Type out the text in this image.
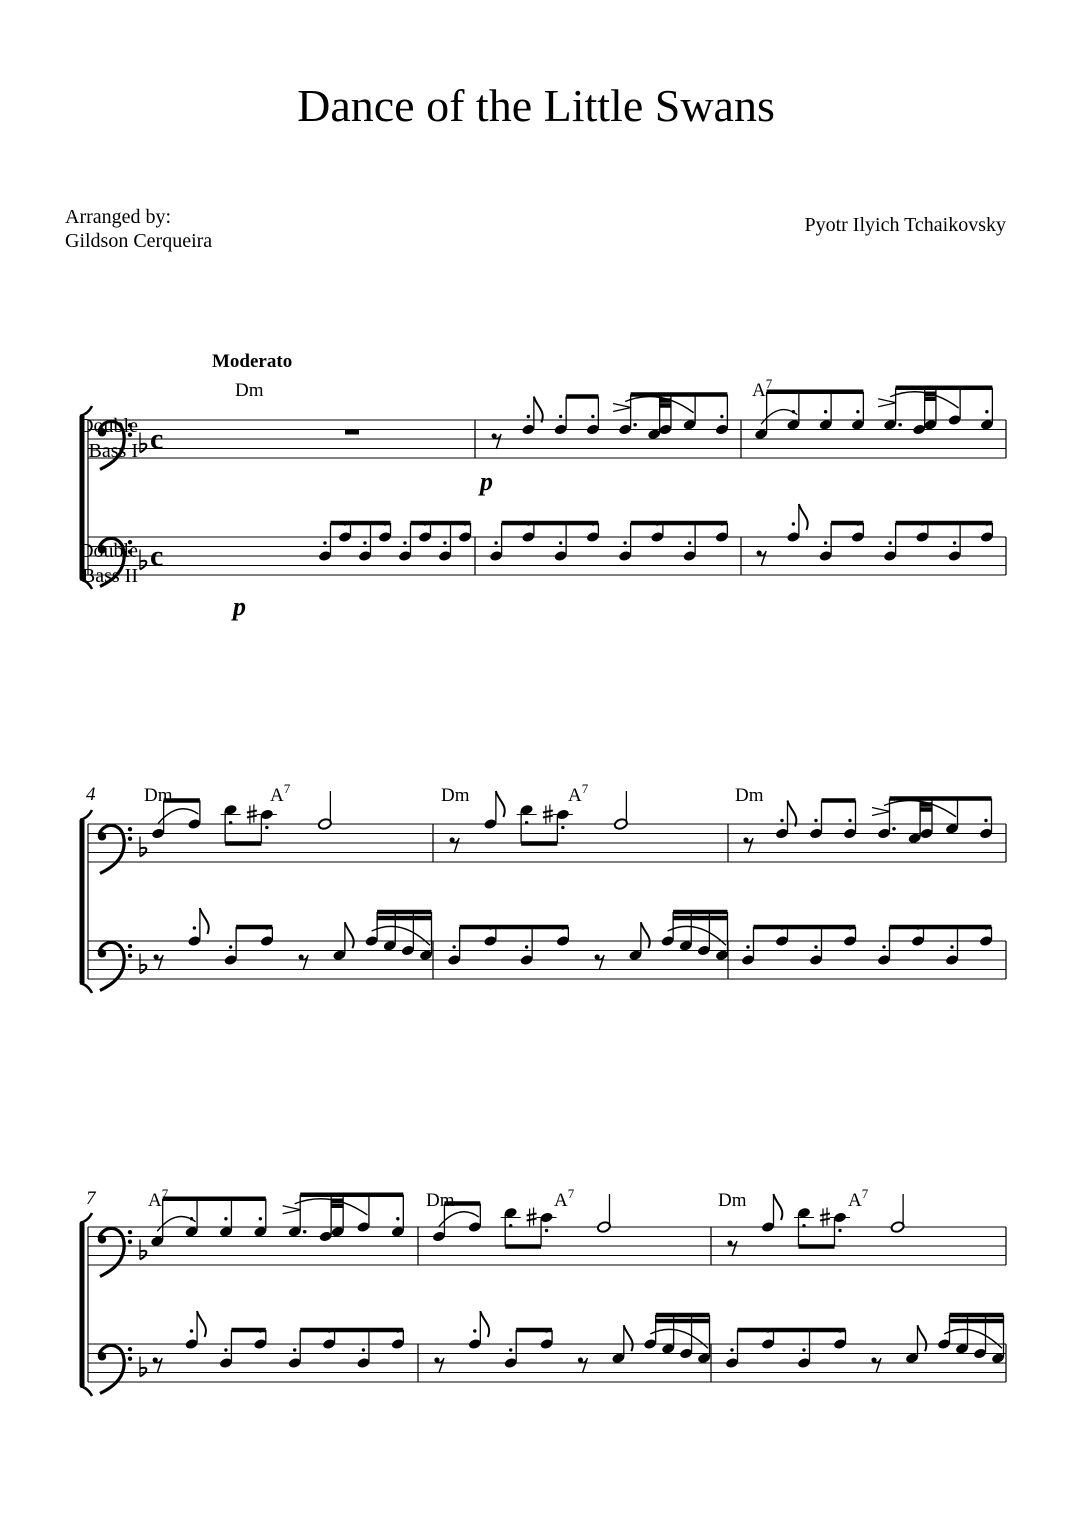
Dance of the Little Swans
Arranged by:
Gildson Cerqueira
Pyotr Ilyich Tchaikovsky
c
c
Moderato
Double
Bass I
Double
Bass II
Dm	$A^7$
p
p
4	Dm	$A^7$	Dm	$A^7$	Dm
7	$A^7$	Dm	$A^7$	Dm	$A^7$
